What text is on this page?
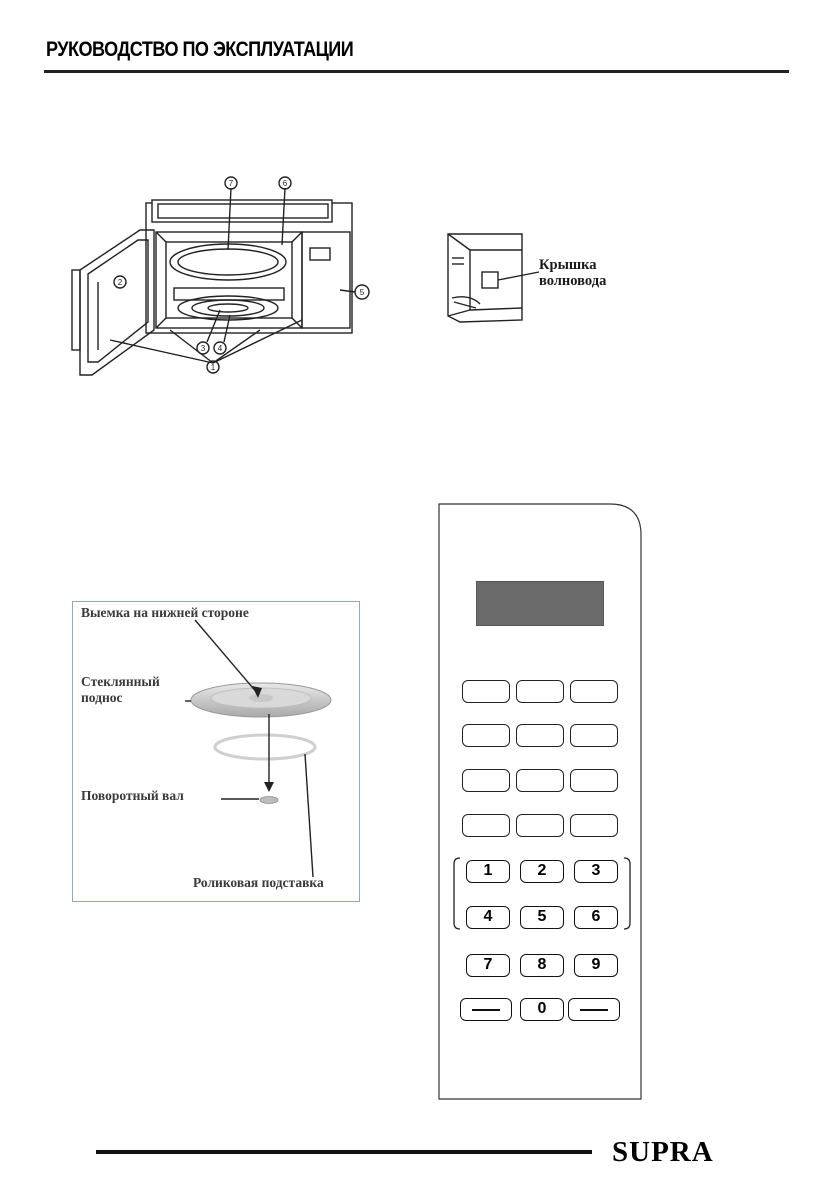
РУКОВОДСТВО ПО ЭКСПЛУАТАЦИИ
7	6
2
5
3 4
1
Крышка
волновода
Выемка на нижней стороне
Стеклянный
поднос
Поворотный вал
Роликовая подставка
1	2	3
4	5	6
7	8	9
0
SUPRA
